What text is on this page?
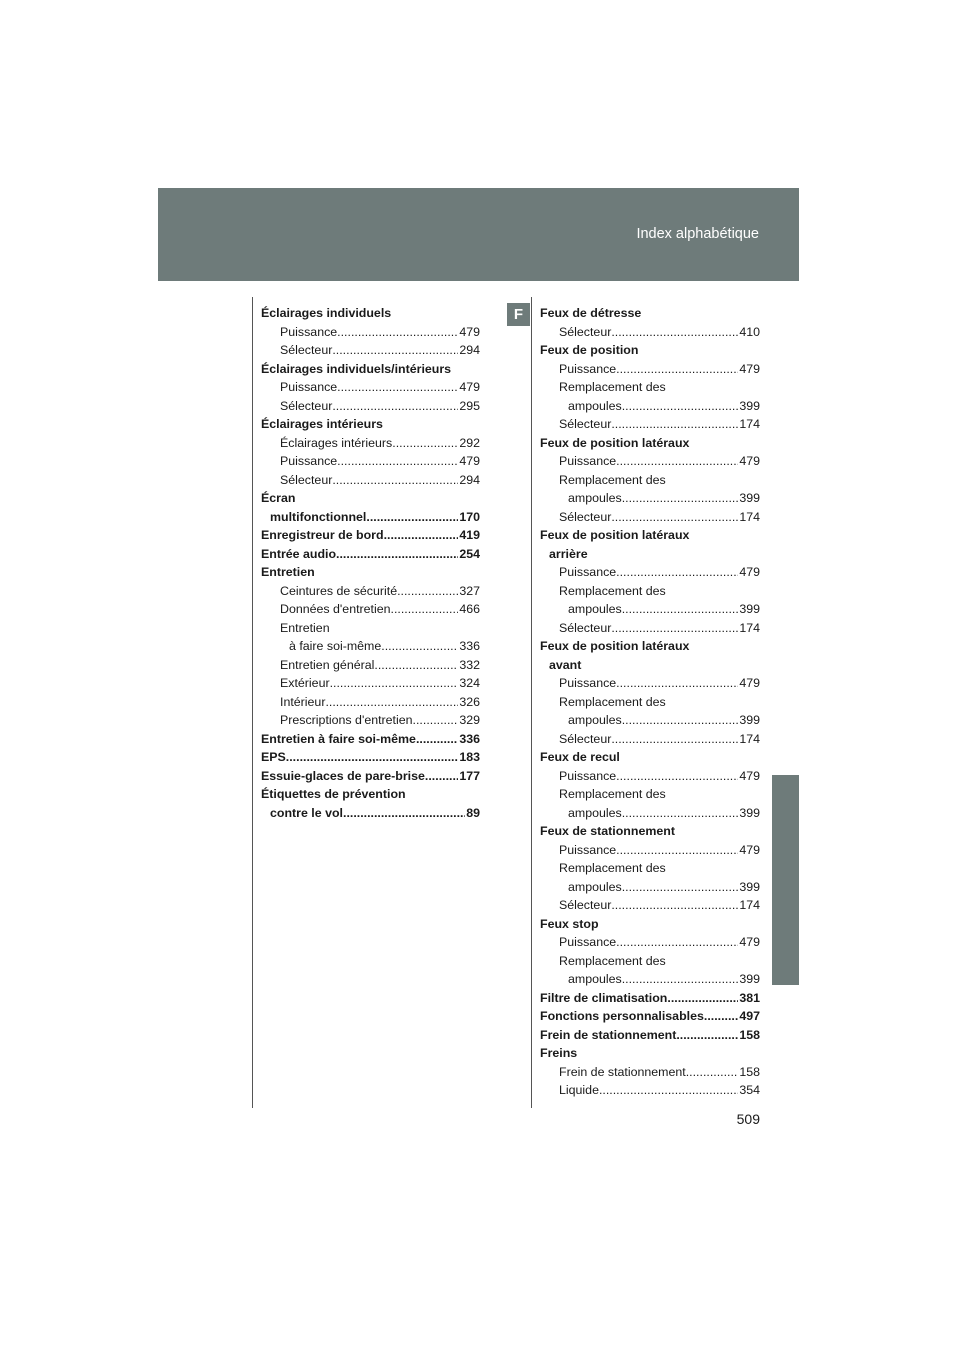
Index alphabétique
F
Éclairages individuels
Puissance .....	479
Sélecteur .....	294
Éclairages individuels/intérieurs
Puissance .....	479
Sélecteur .....	295
Éclairages intérieurs
Éclairages intérieurs .....	292
Puissance .....	479
Sélecteur .....	294
Écran
multifonctionnel .....	170
Enregistreur de bord .....	419
Entrée audio .....	254
Entretien
Ceintures de sécurité .....	327
Données d'entretien .....	466
Entretien
à faire soi-même .....	336
Entretien général .....	332
Extérieur .....	324
Intérieur .....	326
Prescriptions d'entretien .....	329
Entretien à faire soi-même .....	336
EPS .....	183
Essuie-glaces de pare-brise .....	177
Étiquettes de prévention
contre le vol .....	89
Feux de détresse
Sélecteur .....	410
Feux de position
Puissance .....	479
Remplacement des
ampoules .....	399
Sélecteur .....	174
Feux de position latéraux
Puissance .....	479
Remplacement des
ampoules .....	399
Sélecteur .....	174
Feux de position latéraux
arrière
Puissance .....	479
Remplacement des
ampoules .....	399
Sélecteur .....	174
Feux de position latéraux
avant
Puissance .....	479
Remplacement des
ampoules .....	399
Sélecteur .....	174
Feux de recul
Puissance .....	479
Remplacement des
ampoules .....	399
Feux de stationnement
Puissance .....	479
Remplacement des
ampoules .....	399
Sélecteur .....	174
Feux stop
Puissance .....	479
Remplacement des
ampoules .....	399
Filtre de climatisation .....	381
Fonctions personnalisables .....	497
Frein de stationnement .....	158
Freins
Frein de stationnement .....	158
Liquide .....	354
509
